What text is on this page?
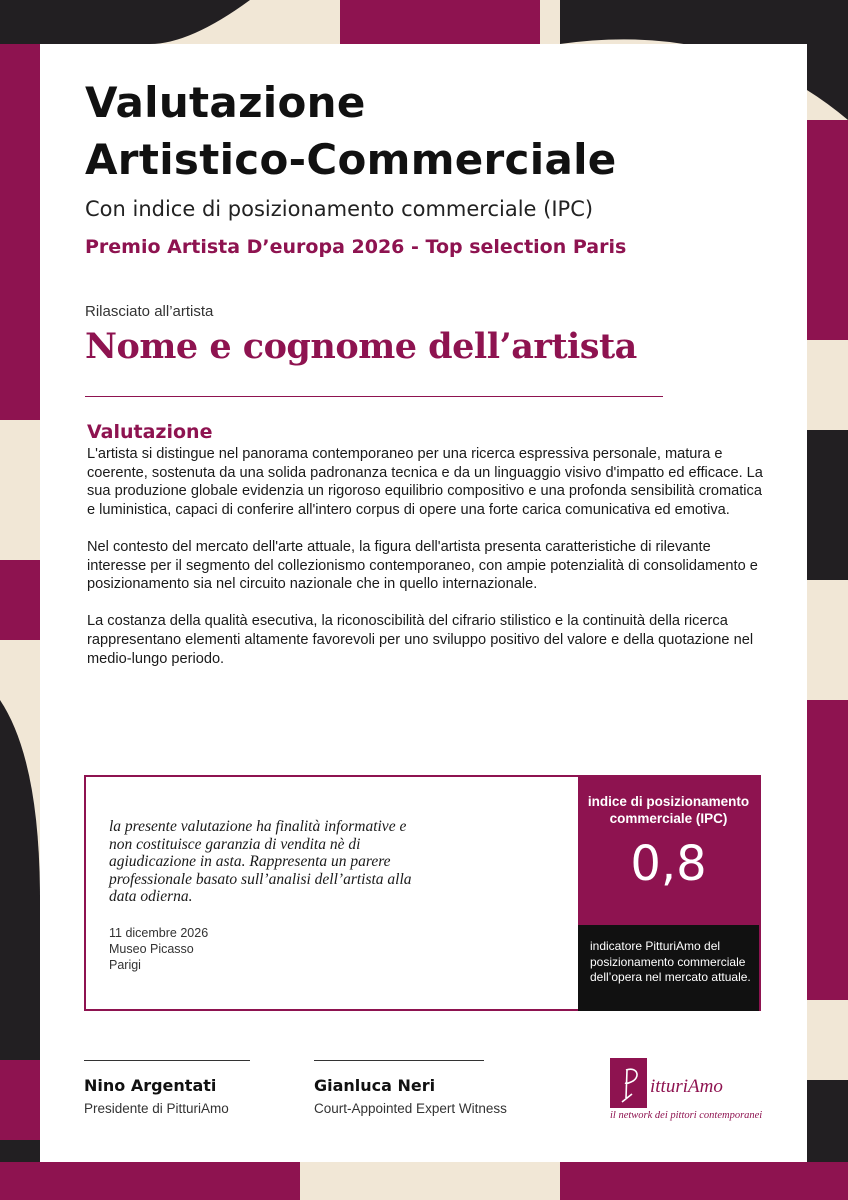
Valutazione
Artistico-Commerciale
Con indice di posizionamento commerciale (IPC)
Premio Artista D’europa 2026 - Top selection Paris
Rilasciato all’artista
Nome e cognome dell’artista
Valutazione

L'artista si distingue nel panorama contemporaneo per una ricerca espressiva personale, matura e coerente, sostenuta da una solida padronanza tecnica e da un linguaggio visivo d'impatto ed efficace. La sua produzione globale evidenzia un rigoroso equilibrio compositivo e una profonda sensibilità cromatica e luministica, capaci di conferire all'intero corpus di opere una forte carica comunicativa ed emotiva.

Nel contesto del mercato dell'arte attuale, la figura dell'artista presenta caratteristiche di rilevante interesse per il segmento del collezionismo contemporaneo, con ampie potenzialità di consolidamento e posizionamento sia nel circuito nazionale che in quello internazionale.

La costanza della qualità esecutiva, la riconoscibilità del cifrario stilistico e la continuità della ricerca rappresentano elementi altamente favorevoli per uno sviluppo positivo del valore e della quotazione nel medio-lungo periodo.

la presente valutazione ha finalità informative e non costituisce garanzia di vendita nè di agiudicazione in asta. Rappresenta un parere professionale basato sull’analisi dell’artista alla data odierna.
11 dicembre 2026
Museo Picasso
Parigi
indice di posizionamento commerciale (IPC)
0,8
indicatore PitturiAmo del posizionamento commerciale dell’opera nel mercato attuale.
Nino Argentati
Presidente di PitturiAmo
Gianluca Neri
Court-Appointed Expert Witness
itturiAmo
il network dei pittori contemporanei
